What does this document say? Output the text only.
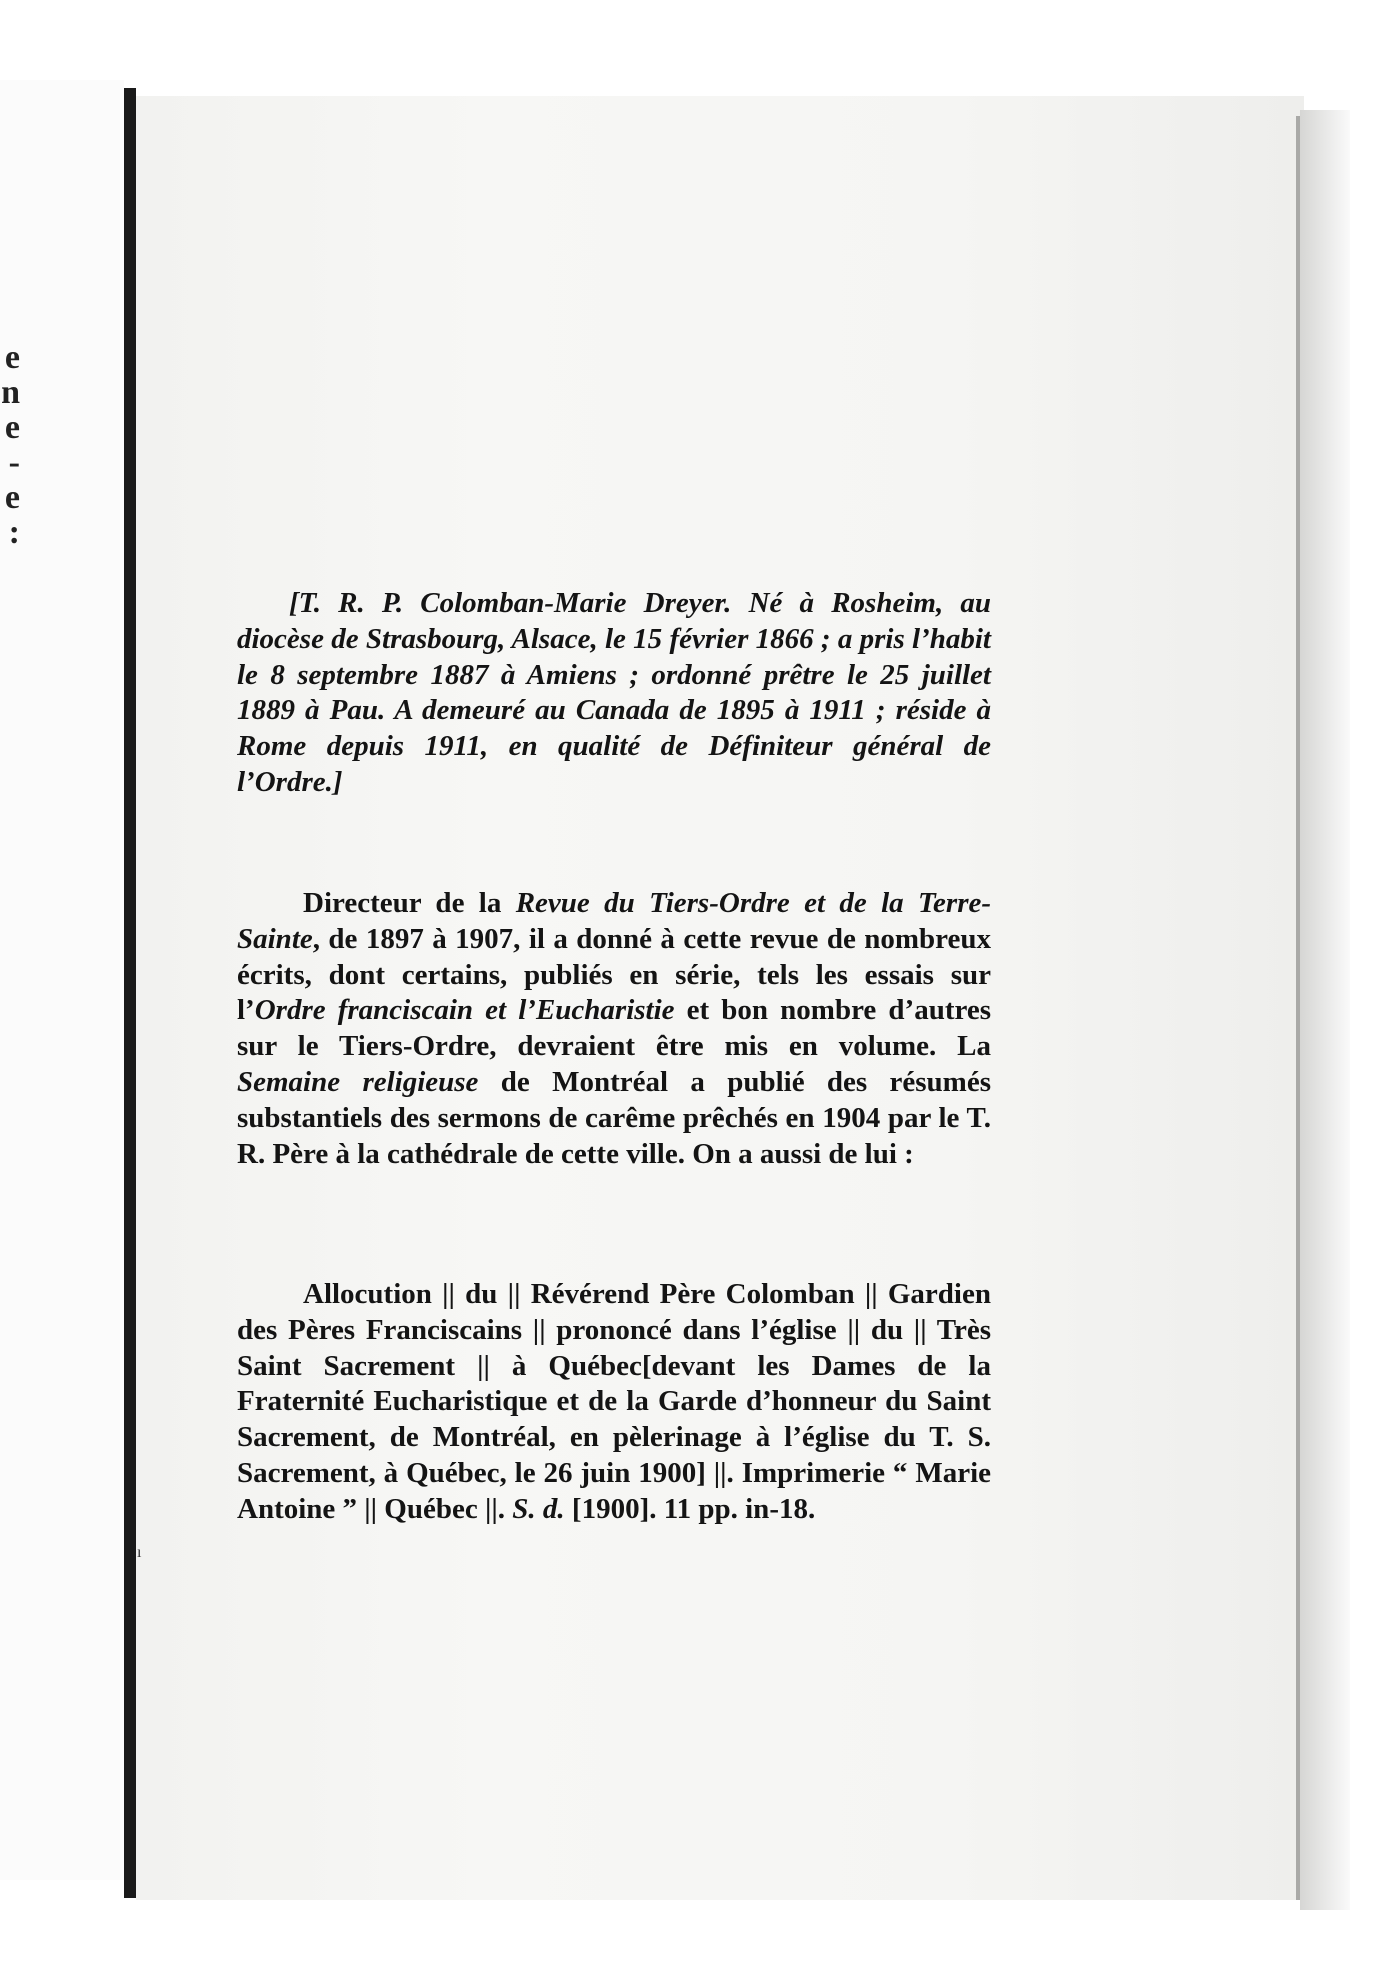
e
n
e
-
e
:
[T. R. P. Colomban-Marie Dreyer. Né à Rosheim, au diocèse de Strasbourg, Alsace, le 15 février 1866 ; a pris l’habit le 8 septembre 1887 à Amiens ; ordonné prêtre le 25 juillet 1889 à Pau. A demeuré au Canada de 1895 à 1911 ; réside à Rome depuis 1911, en qualité de Définiteur général de l’Ordre.]
Directeur de la Revue du Tiers-Ordre et de la Terre-Sainte, de 1897 à 1907, il a donné à cette revue de nombreux écrits, dont certains, publiés en série, tels les essais sur l’Ordre franciscain et l’Eucharistie et bon nombre d’autres sur le Tiers-Ordre, devraient être mis en volume. La Semaine religieuse de Montréal a publié des résumés substantiels des sermons de carême prêchés en 1904 par le T. R. Père à la cathédrale de cette ville. On a aussi de lui :
Allocution || du || Révérend Père Colomban || Gardien des Pères Franciscains || prononcé dans l’église || du || Très Saint Sacrement || à Québec[devant les Dames de la Fraternité Eucharistique et de la Garde d’honneur du Saint Sacrement, de Montréal, en pèlerinage à l’église du T. S. Sacrement, à Québec, le 26 juin 1900] ||. Imprimerie “ Marie Antoine ” || Québec ||. S. d. [1900]. 11 pp. in-18.
ı
